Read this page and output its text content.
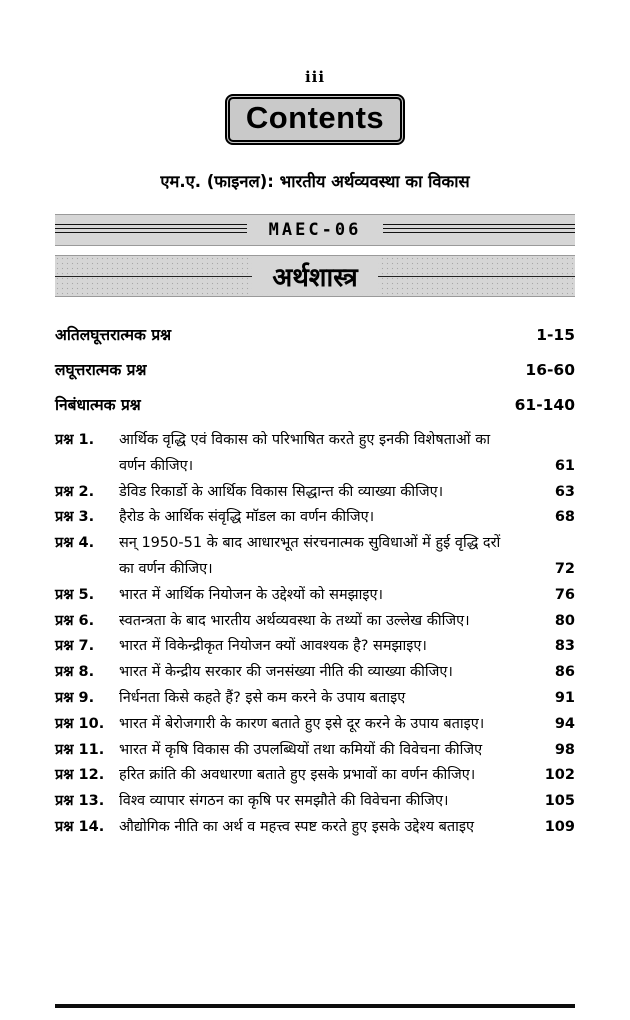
iii
Contents
एम.ए. (फाइनल): भारतीय अर्थव्यवस्था का विकास
MAEC-06
अर्थशास्त्र
अतिलघूत्तरात्मक प्रश्न	1-15
लघूत्तरात्मक प्रश्न	16-60
निबंधात्मक प्रश्न	61-140
प्रश्न 1.	आर्थिक वृद्धि एवं विकास को परिभाषित करते हुए इनकी विशेषताओं का वर्णन कीजिए।	61
प्रश्न 2.	डेविड रिकार्डो के आर्थिक विकास सिद्धान्त की व्याख्या कीजिए।	63
प्रश्न 3.	हैरोड के आर्थिक संवृद्धि मॉडल का वर्णन कीजिए।	68
प्रश्न 4.	सन् 1950-51 के बाद आधारभूत संरचनात्मक सुविधाओं में हुई वृद्धि दरों का वर्णन कीजिए।	72
प्रश्न 5.	भारत में आर्थिक नियोजन के उद्देश्यों को समझाइए।	76
प्रश्न 6.	स्वतन्त्रता के बाद भारतीय अर्थव्यवस्था के तथ्यों का उल्लेख कीजिए।	80
प्रश्न 7.	भारत में विकेन्द्रीकृत नियोजन क्यों आवश्यक है? समझाइए।	83
प्रश्न 8.	भारत में केन्द्रीय सरकार की जनसंख्या नीति की व्याख्या कीजिए।	86
प्रश्न 9.	निर्धनता किसे कहते हैं? इसे कम करने के उपाय बताइए	91
प्रश्न 10.	भारत में बेरोजगारी के कारण बताते हुए इसे दूर करने के उपाय बताइए।	94
प्रश्न 11.	भारत में कृषि विकास की उपलब्धियों तथा कमियों की विवेचना कीजिए	98
प्रश्न 12.	हरित क्रांति की अवधारणा बताते हुए इसके प्रभावों का वर्णन कीजिए।	102
प्रश्न 13.	विश्व व्यापार संगठन का कृषि पर समझौते की विवेचना कीजिए।	105
प्रश्न 14.	औद्योगिक नीति का अर्थ व महत्त्व स्पष्ट करते हुए इसके उद्देश्य बताइए	109
